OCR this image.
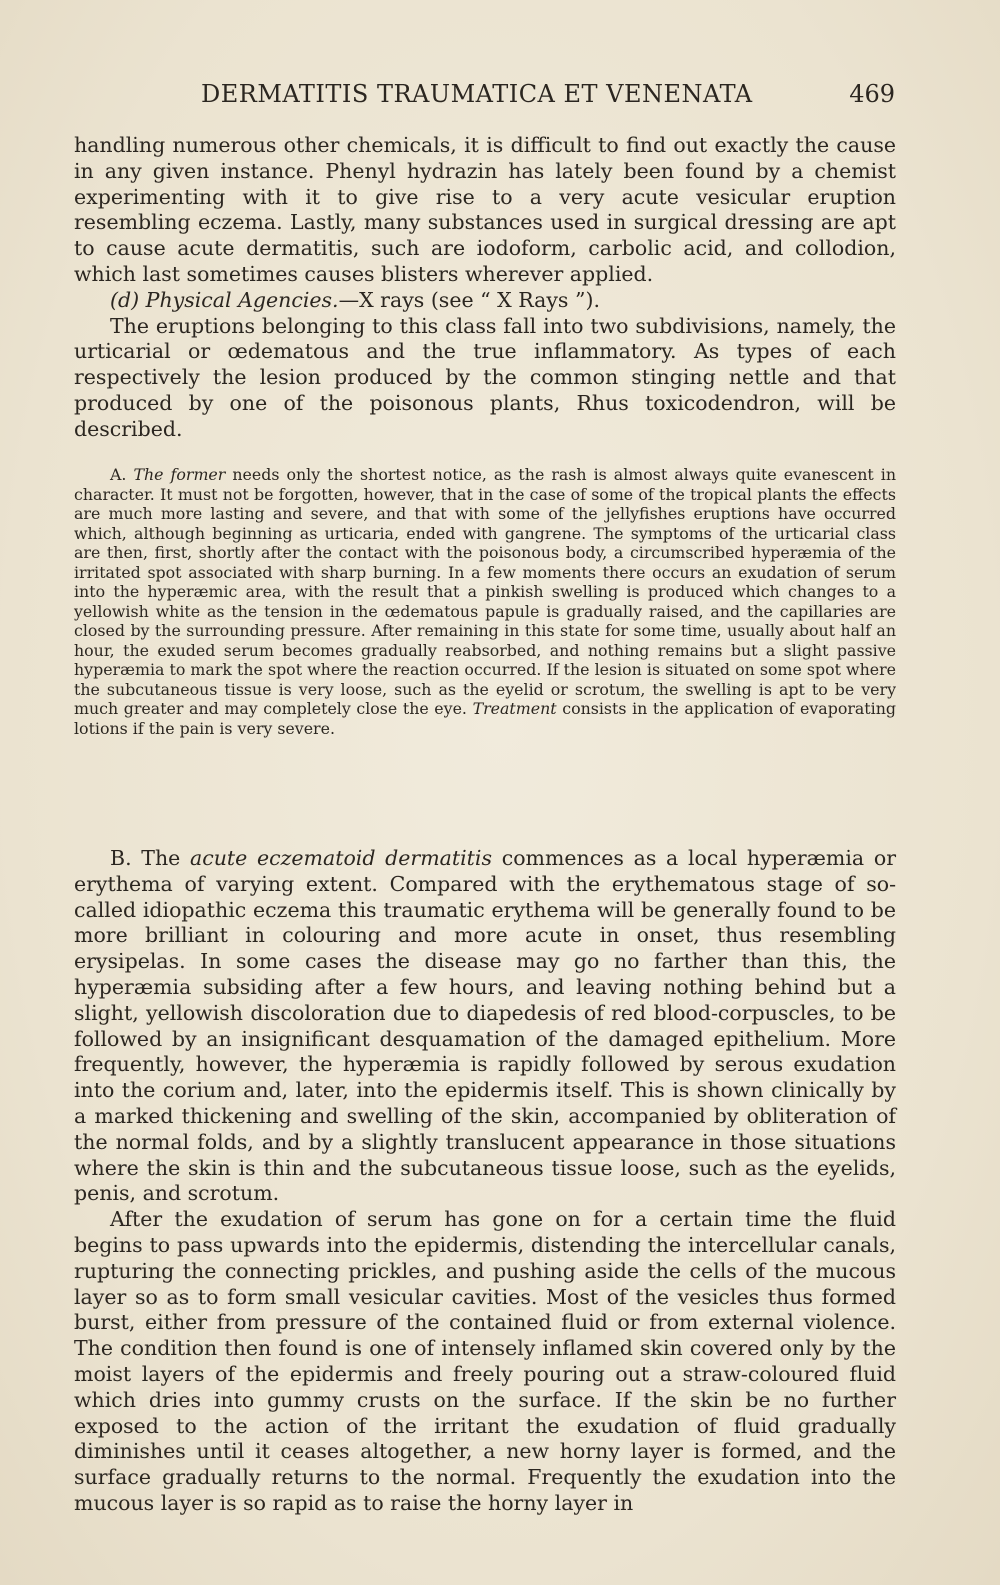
DERMATITIS TRAUMATICA ET VENENATA	469

handling numerous other chemicals, it is difficult to find out exactly the cause in any given instance. Phenyl hydrazin has lately been found by a chemist experimenting with it to give rise to a very acute vesicular eruption resembling eczema. Lastly, many substances used in surgical dressing are apt to cause acute dermatitis, such are iodoform, carbolic acid, and collodion, which last sometimes causes blisters wherever applied.

(d) Physical Agencies.—X rays (see “ X Rays ”).

The eruptions belonging to this class fall into two subdivisions, namely, the urticarial or œdematous and the true inflammatory. As types of each respectively the lesion produced by the common stinging nettle and that produced by one of the poisonous plants, Rhus toxicodendron, will be described.

A. The former needs only the shortest notice, as the rash is almost always quite evanescent in character. It must not be forgotten, however, that in the case of some of the tropical plants the effects are much more lasting and severe, and that with some of the jellyfishes eruptions have occurred which, although beginning as urticaria, ended with gangrene. The symptoms of the urticarial class are then, first, shortly after the contact with the poisonous body, a circumscribed hyperæmia of the irritated spot associated with sharp burning. In a few moments there occurs an exudation of serum into the hyperæmic area, with the result that a pinkish swelling is produced which changes to a yellowish white as the tension in the œdematous papule is gradually raised, and the capillaries are closed by the surrounding pressure. After remaining in this state for some time, usually about half an hour, the exuded serum becomes gradually reabsorbed, and nothing remains but a slight passive hyperæmia to mark the spot where the reaction occurred. If the lesion is situated on some spot where the subcutaneous tissue is very loose, such as the eyelid or scrotum, the swelling is apt to be very much greater and may completely close the eye. Treatment consists in the application of evaporating lotions if the pain is very severe.

B. The acute eczematoid dermatitis commences as a local hyperæmia or erythema of varying extent. Compared with the erythematous stage of so-called idiopathic eczema this traumatic erythema will be generally found to be more brilliant in colouring and more acute in onset, thus resembling erysipelas. In some cases the disease may go no farther than this, the hyperæmia subsiding after a few hours, and leaving nothing behind but a slight, yellowish discoloration due to diapedesis of red blood-corpuscles, to be followed by an insignificant desquamation of the damaged epithelium. More frequently, however, the hyperæmia is rapidly followed by serous exudation into the corium and, later, into the epidermis itself. This is shown clinically by a marked thickening and swelling of the skin, accompanied by obliteration of the normal folds, and by a slightly translucent appearance in those situations where the skin is thin and the subcutaneous tissue loose, such as the eyelids, penis, and scrotum.

After the exudation of serum has gone on for a certain time the fluid begins to pass upwards into the epidermis, distending the intercellular canals, rupturing the connecting prickles, and pushing aside the cells of the mucous layer so as to form small vesicular cavities. Most of the vesicles thus formed burst, either from pressure of the contained fluid or from external violence. The condition then found is one of intensely inflamed skin covered only by the moist layers of the epidermis and freely pouring out a straw-coloured fluid which dries into gummy crusts on the surface. If the skin be no further exposed to the action of the irritant the exudation of fluid gradually diminishes until it ceases altogether, a new horny layer is formed, and the surface gradually returns to the normal. Frequently the exudation into the mucous layer is so rapid as to raise the horny layer in
